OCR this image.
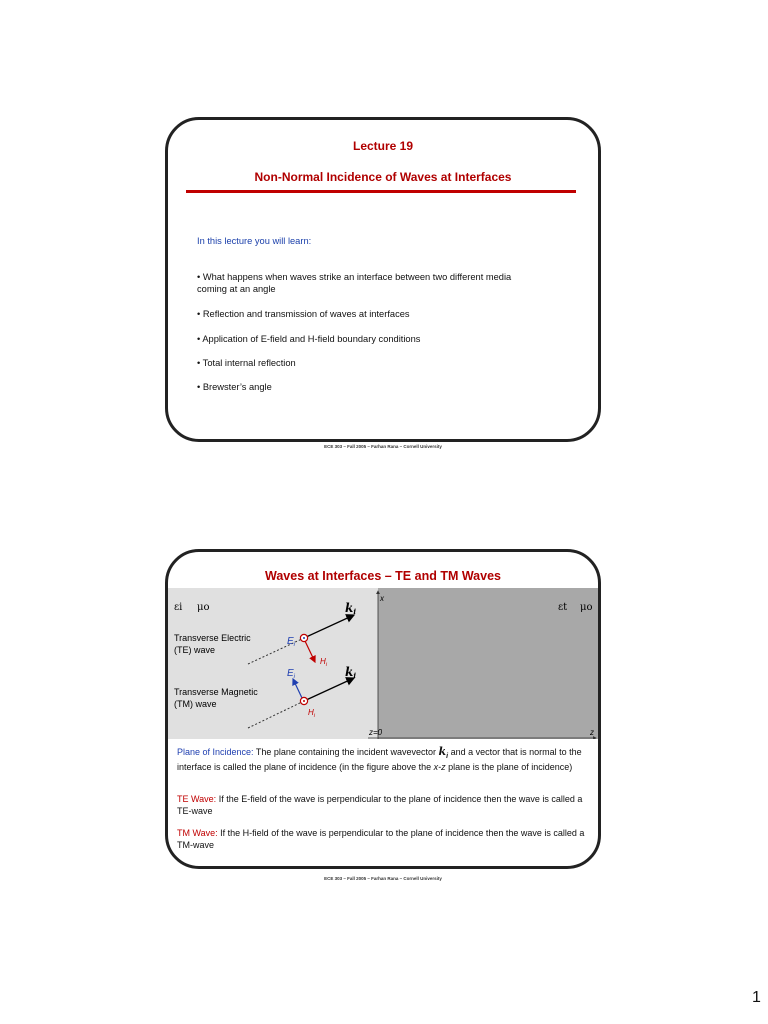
Lecture 19
Non-Normal Incidence of Waves at Interfaces
In this lecture you will learn:
• What happens when waves strike an interface between two different media
coming at an angle
• Reflection and transmission of waves at interfaces
• Application of E-field and H-field boundary conditions
• Total internal reflection
• Brewster’s angle
ECE 303 – Fall 2005 – Farhan Rana – Cornell University
Waves at Interfaces – TE and TM Waves
x
z
z=0
εi μo	εt μo
Transverse Electric
(TE) wave
Transverse Magnetic
(TM) wave
$E_i$
$H_i$
ki
$E_i$
$H_i$
ki
Plane of Incidence: The plane containing the incident wavevector $k_i$ and a vector that is normal to the interface is called the plane of incidence (in the figure above the x-z plane is the plane of incidence)
TE Wave: If the E-field of the wave is perpendicular to the plane of incidence then the wave is called a TE-wave
TM Wave: If the H-field of the wave is perpendicular to the plane of incidence then the wave is called a TM-wave
ECE 303 – Fall 2005 – Farhan Rana – Cornell University
1
